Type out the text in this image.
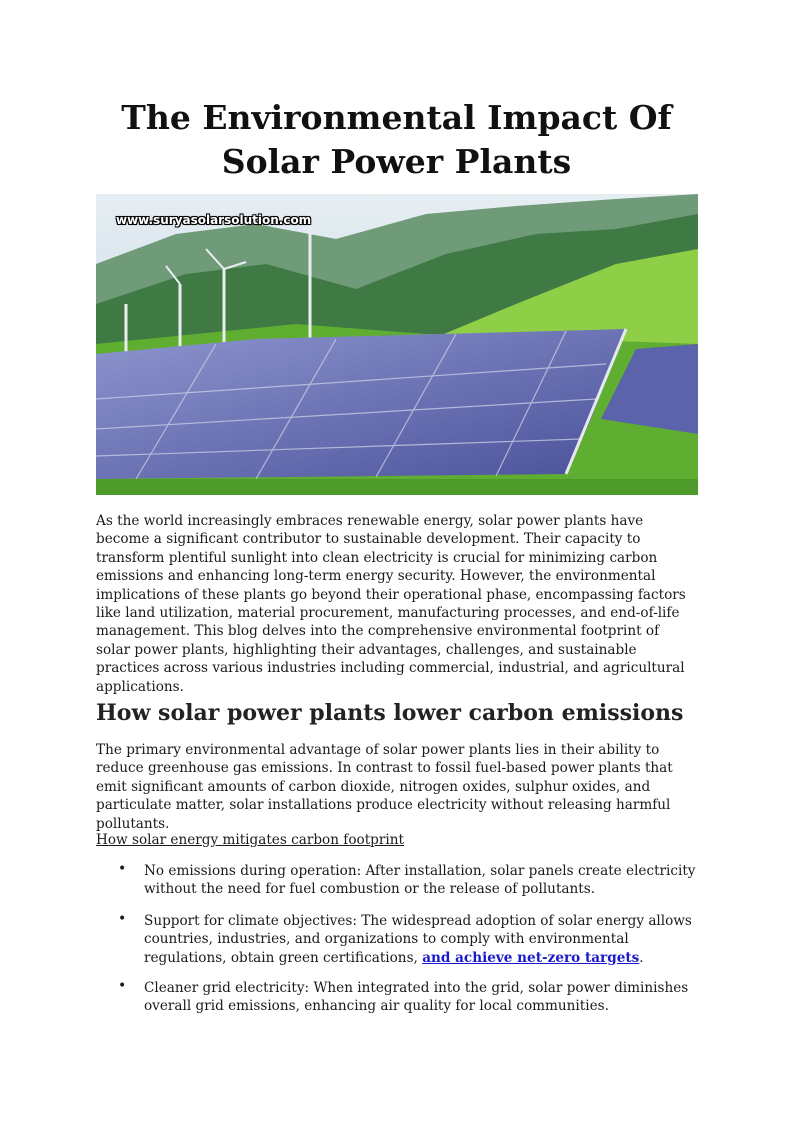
The Environmental Impact Of Solar Power Plants
www.suryasolarsolution.com

As the world increasingly embraces renewable energy, solar power plants have become a significant contributor to sustainable development. Their capacity to transform plentiful sunlight into clean electricity is crucial for minimizing carbon emissions and enhancing long-term energy security. However, the environmental implications of these plants go beyond their operational phase, encompassing factors like land utilization, material procurement, manufacturing processes, and end-of-life management. This blog delves into the comprehensive environmental footprint of solar power plants, highlighting their advantages, challenges, and sustainable practices across various industries including commercial, industrial, and agricultural applications.

How solar power plants lower carbon emissions

The primary environmental advantage of solar power plants lies in their ability to reduce greenhouse gas emissions. In contrast to fossil fuel-based power plants that emit significant amounts of carbon dioxide, nitrogen oxides, sulphur oxides, and particulate matter, solar installations produce electricity without releasing harmful pollutants.

How solar energy mitigates carbon footprint

• No emissions during operation: After installation, solar panels create electricity without the need for fuel combustion or the release of pollutants.
• Support for climate objectives: The widespread adoption of solar energy allows countries, industries, and organizations to comply with environmental regulations, obtain green certifications, and achieve net-zero targets.
• Cleaner grid electricity: When integrated into the grid, solar power diminishes overall grid emissions, enhancing air quality for local communities.
